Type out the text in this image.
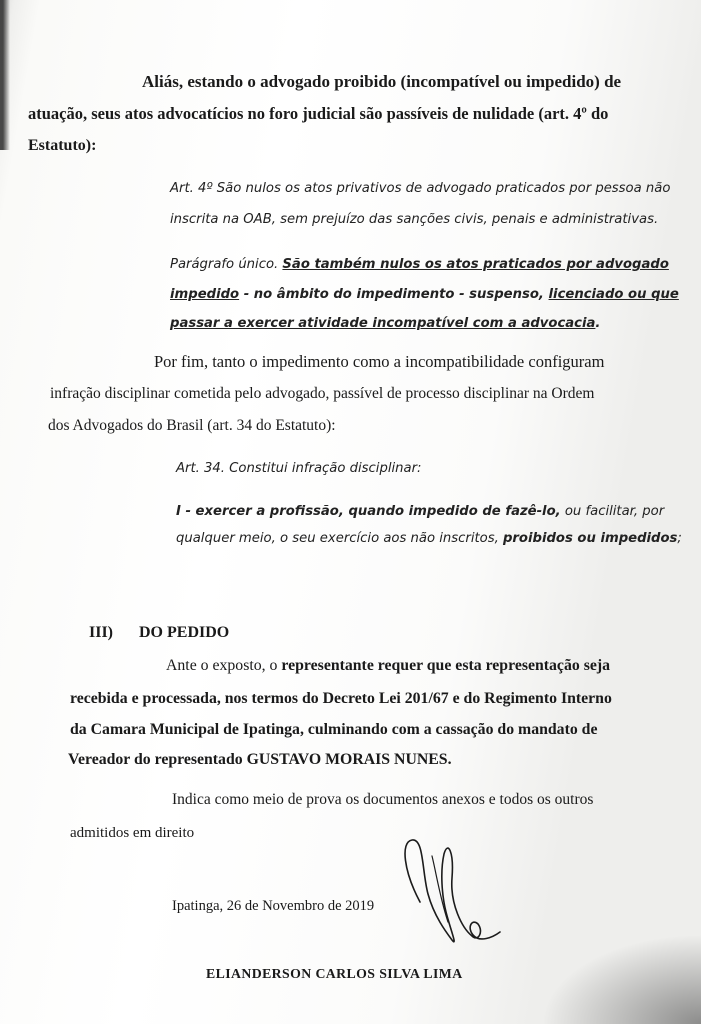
Aliás, estando o advogado proibido (incompatível ou impedido) de
atuação, seus atos advocatícios no foro judicial são passíveis de nulidade (art. 4º do
Estatuto):
Art. 4º São nulos os atos privativos de advogado praticados por pessoa não
inscrita na OAB, sem prejuízo das sanções civis, penais e administrativas.
Parágrafo único. São também nulos os atos praticados por advogado
impedido - no âmbito do impedimento - suspenso, licenciado ou que
passar a exercer atividade incompatível com a advocacia.
Por fim, tanto o impedimento como a incompatibilidade configuram
infração disciplinar cometida pelo advogado, passível de processo disciplinar na Ordem
dos Advogados do Brasil (art. 34 do Estatuto):
Art. 34. Constitui infração disciplinar:
I - exercer a profissão, quando impedido de fazê-lo, ou facilitar, por
qualquer meio, o seu exercício aos não inscritos, proibidos ou impedidos;
III) DO PEDIDO
Ante o exposto, o representante requer que esta representação seja
recebida e processada, nos termos do Decreto Lei 201/67 e do Regimento Interno
da Camara Municipal de Ipatinga, culminando com a cassação do mandato de
Vereador do representado GUSTAVO MORAIS NUNES.
Indica como meio de prova os documentos anexos e todos os outros
admitidos em direito
Ipatinga, 26 de Novembro de 2019
ELIANDERSON CARLOS SILVA LIMA
